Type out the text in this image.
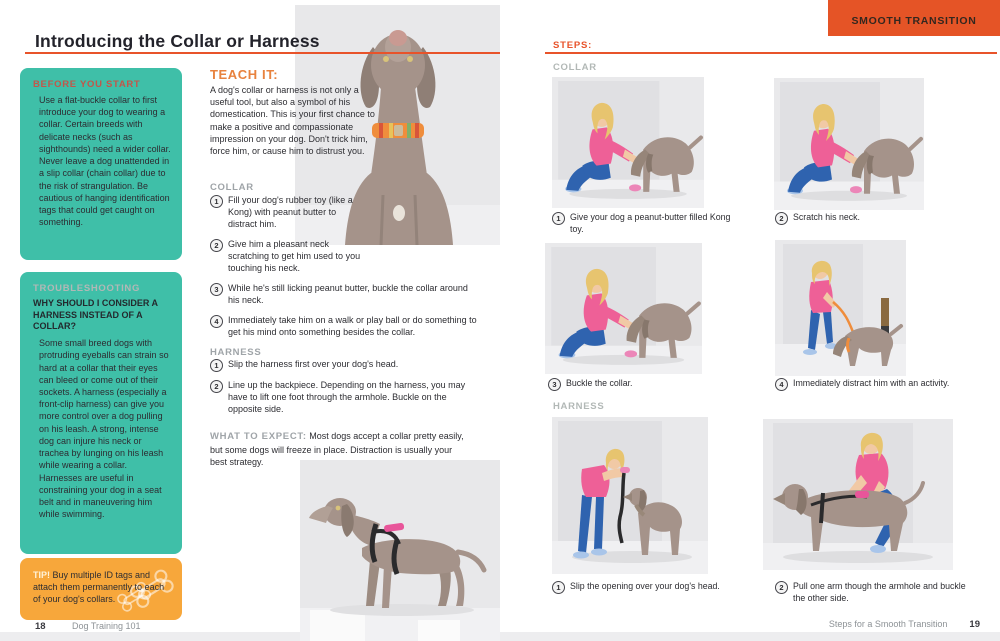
Introducing the Collar or Harness
BEFORE YOU START

Use a flat-buckle collar to first introduce your dog to wearing a collar. Certain breeds with delicate necks (such as sighthounds) need a wider collar. Never leave a dog unattended in a slip collar (chain collar) due to the risk of strangulation. Be cautious of hanging identification tags that could get caught on something.

TROUBLESHOOTING

WHY SHOULD I CONSIDER A HARNESS INSTEAD OF A COLLAR?

Some small breed dogs with protruding eyeballs can strain so hard at a collar that their eyes can bleed or come out of their sockets. A harness (especially a front-clip harness) can give you more control over a dog pulling on his leash. A strong, intense dog can injure his neck or trachea by lunging on his leash while wearing a collar. Harnesses are useful in constraining your dog in a seat belt and in maneuvering him while swimming.

TIP! Buy multiple ID tags and attach them permanently to each of your dog's collars.
TEACH IT:
A dog's collar or harness is not only a useful tool, but also a symbol of his domestication. This is your first chance to make a positive and compassionate impression on your dog. Don't trick him, force him, or cause him to distrust you.
COLLAR
1	Fill your dog's rubber toy (like a Kong) with peanut butter to distract him.
2	Give him a pleasant neck scratching to get him used to you touching his neck.
3	While he's still licking peanut butter, buckle the collar around his neck.
4	Immediately take him on a walk or play ball or do something to get his mind onto something besides the collar.
HARNESS
1	Slip the harness first over your dog's head.
2	Line up the backpiece. Depending on the harness, you may have to lift one foot through the armhole. Buckle on the opposite side.
WHAT TO EXPECT: Most dogs accept a collar pretty easily, but some dogs will freeze in place. Distraction is usually your best strategy.
18	Dog Training 101
SMOOTH TRANSITION
STEPS:
COLLAR
1	Give your dog a peanut-butter filled Kong toy.
2	Scratch his neck.
3	Buckle the collar.	4	Immediately distract him with an activity.
HARNESS
1	Slip the opening over your dog's head.	2	Pull one arm though the armhole and buckle the other side.
Steps for a Smooth Transition 19
